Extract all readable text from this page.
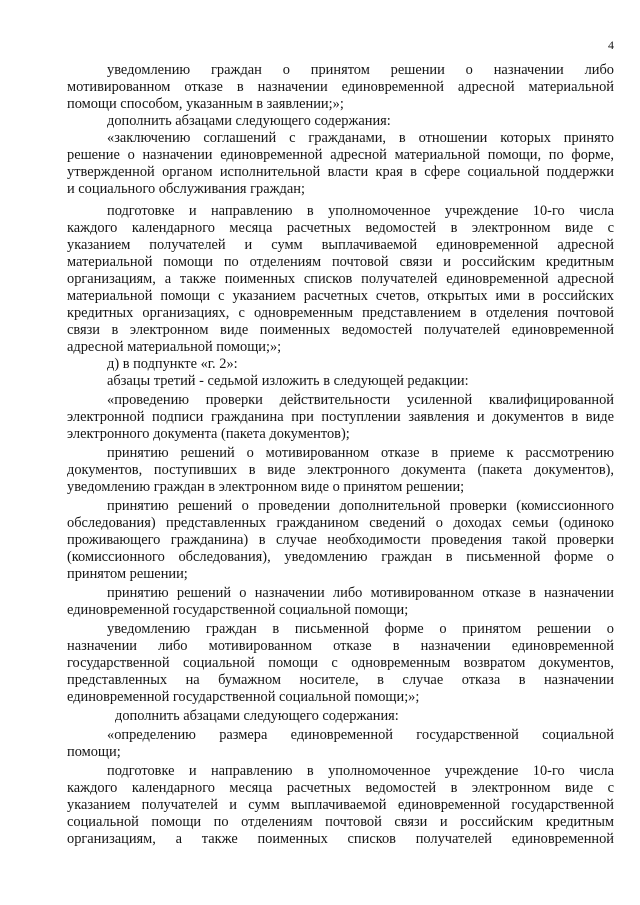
4
уведомлению граждан о принятом решении о назначении либо
мотивированном отказе в назначении единовременной адресной материальной
помощи способом, указанным в заявлении;»;
дополнить абзацами следующего содержания:
«заключению соглашений с гражданами, в отношении которых принято
решение о назначении единовременной адресной материальной помощи, по форме,
утвержденной органом исполнительной власти края в сфере социальной поддержки
и социального обслуживания граждан;
подготовке и направлению в уполномоченное учреждение 10-го числа
каждого календарного месяца расчетных ведомостей в электронном виде с
указанием получателей и сумм выплачиваемой единовременной адресной
материальной помощи по отделениям почтовой связи и российским кредитным
организациям, а также поименных списков получателей единовременной адресной
материальной помощи с указанием расчетных счетов, открытых ими в российских
кредитных организациях, с одновременным представлением в отделения почтовой
связи в электронном виде поименных ведомостей получателей единовременной
адресной материальной помощи;»;
д) в подпункте «г. 2»:
абзацы третий - седьмой изложить в следующей редакции:
«проведению проверки действительности усиленной квалифицированной
электронной подписи гражданина при поступлении заявления и документов в виде
электронного документа (пакета документов);
принятию решений о мотивированном отказе в приеме к рассмотрению
документов, поступивших в виде электронного документа (пакета документов),
уведомлению граждан в электронном виде о принятом решении;
принятию решений о проведении дополнительной проверки (комиссионного
обследования) представленных гражданином сведений о доходах семьи (одиноко
проживающего гражданина) в случае необходимости проведения такой проверки
(комиссионного обследования), уведомлению граждан в письменной форме о
принятом решении;
принятию решений о назначении либо мотивированном отказе в назначении
единовременной государственной социальной помощи;
уведомлению граждан в письменной форме о принятом решении о
назначении либо мотивированном отказе в назначении единовременной
государственной социальной помощи с одновременным возвратом документов,
представленных на бумажном носителе, в случае отказа в назначении
единовременной государственной социальной помощи;»;
дополнить абзацами следующего содержания:
«определению размера единовременной государственной социальной
помощи;
подготовке и направлению в уполномоченное учреждение 10-го числа
каждого календарного месяца расчетных ведомостей в электронном виде с
указанием получателей и сумм выплачиваемой единовременной государственной
социальной помощи по отделениям почтовой связи и российским кредитным
организациям, а также поименных списков получателей единовременной
